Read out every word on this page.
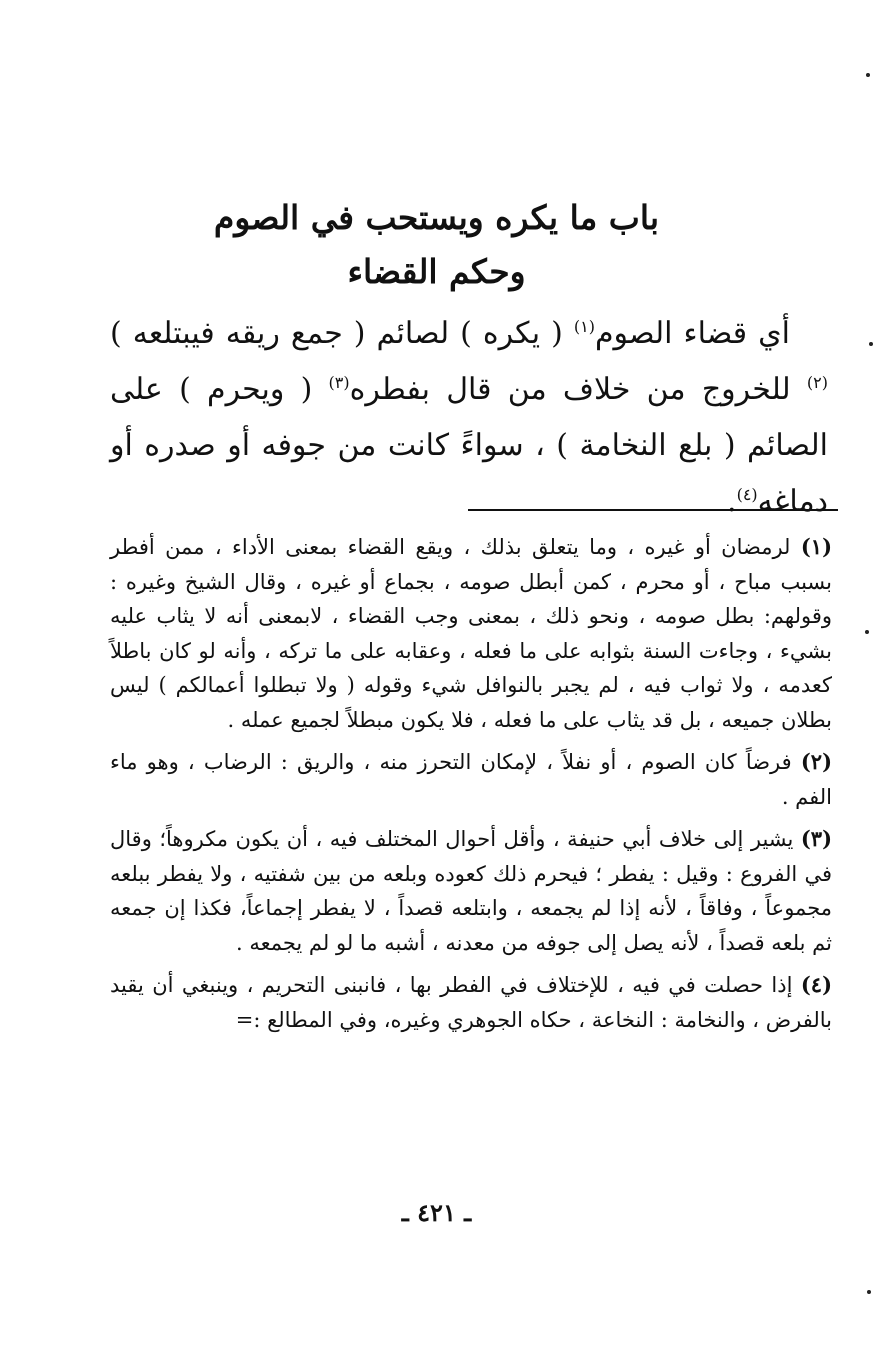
باب ما يكره ويستحب في الصوم
وحكم القضاء

أي قضاء الصوم$^{(١)}$ ( يكره ) لصائم ( جمع ريقه فيبتلعه )$^{(٢)}$ للخروج من خلاف من قال بفطره$^{(٣)}$ ( ويحرم ) على الصائم ( بلع النخامة ) ، سواءً كانت من جوفه أو صدره أو دماغه$^{(٤)}$.

(١) لرمضان أو غيره ، وما يتعلق بذلك ، ويقع القضاء بمعنى الأداء ، ممن أفطر بسبب مباح ، أو محرم ، كمن أبطل صومه ، بجماع أو غيره ، وقال الشيخ وغيره : وقولهم: بطل صومه ، ونحو ذلك ، بمعنى وجب القضاء ، لابمعنى أنه لا يثاب عليه بشيء ، وجاءت السنة بثوابه على ما فعله ، وعقابه على ما تركه ، وأنه لو كان باطلاً كعدمه ، ولا ثواب فيه ، لم يجبر بالنوافل شيء وقوله ( ولا تبطلوا أعمالكم ) ليس بطلان جميعه ، بل قد يثاب على ما فعله ، فلا يكون مبطلاً لجميع عمله .

(٢) فرضاً كان الصوم ، أو نفلاً ، لإمكان التحرز منه ، والريق : الرضاب ، وهو ماء الفم .

(٣) يشير إلى خلاف أبي حنيفة ، وأقل أحوال المختلف فيه ، أن يكون مكروهاً؛ وقال في الفروع : وقيل : يفطر ؛ فيحرم ذلك كعوده وبلعه من بين شفتيه ، ولا يفطر ببلعه مجموعاً ، وفاقاً ، لأنه إذا لم يجمعه ، وابتلعه قصداً ، لا يفطر إجماعاً، فكذا إن جمعه ثم بلعه قصداً ، لأنه يصل إلى جوفه من معدنه ، أشبه ما لو لم يجمعه .

(٤) إذا حصلت في فيه ، للإختلاف في الفطر بها ، فانبنى التحريم ، وينبغي أن يقيد بالفرض ، والنخامة : النخاعة ، حكاه الجوهري وغيره، وفي المطالع :=

ـ ٤٢١ ـ
